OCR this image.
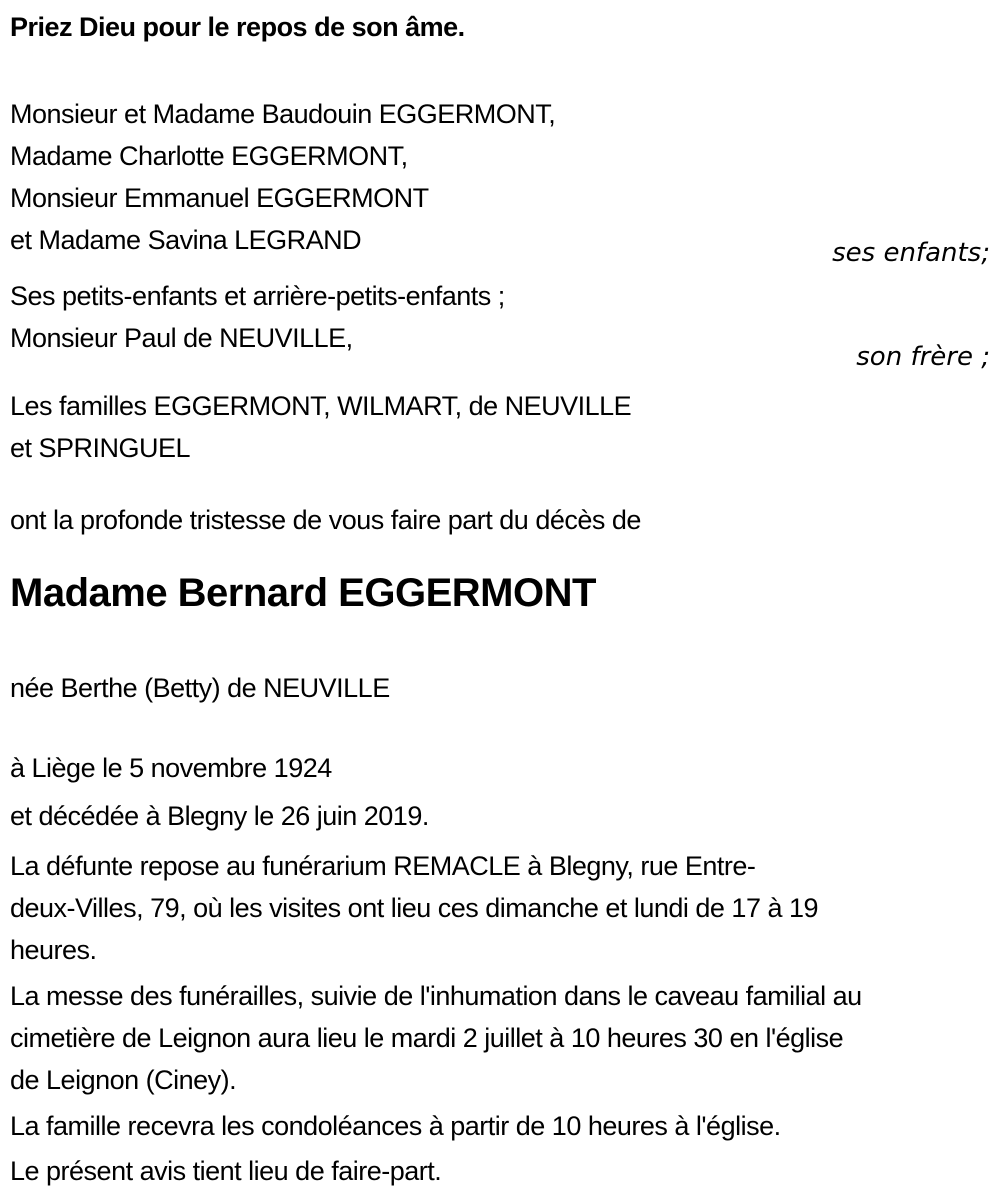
Priez Dieu pour le repos de son âme.
Monsieur et Madame Baudouin EGGERMONT,
Madame Charlotte EGGERMONT,
Monsieur Emmanuel EGGERMONT
et Madame Savina LEGRAND	ses enfants;
Ses petits-enfants et arrière-petits-enfants ;
Monsieur Paul de NEUVILLE,
son frère ;
Les familles EGGERMONT, WILMART, de NEUVILLE
et SPRINGUEL
ont la profonde tristesse de vous faire part du décès de
Madame Bernard EGGERMONT
née Berthe (Betty) de NEUVILLE
à Liège le 5 novembre 1924
et décédée à Blegny le 26 juin 2019.
La défunte repose au funérarium REMACLE à Blegny, rue Entre-
deux-Villes, 79, où les visites ont lieu ces dimanche et lundi de 17 à 19
heures.
La messe des funérailles, suivie de l'inhumation dans le caveau familial au
cimetière de Leignon aura lieu le mardi 2 juillet à 10 heures 30 en l'église
de Leignon (Ciney).
La famille recevra les condoléances à partir de 10 heures à l'église.
Le présent avis tient lieu de faire-part.
